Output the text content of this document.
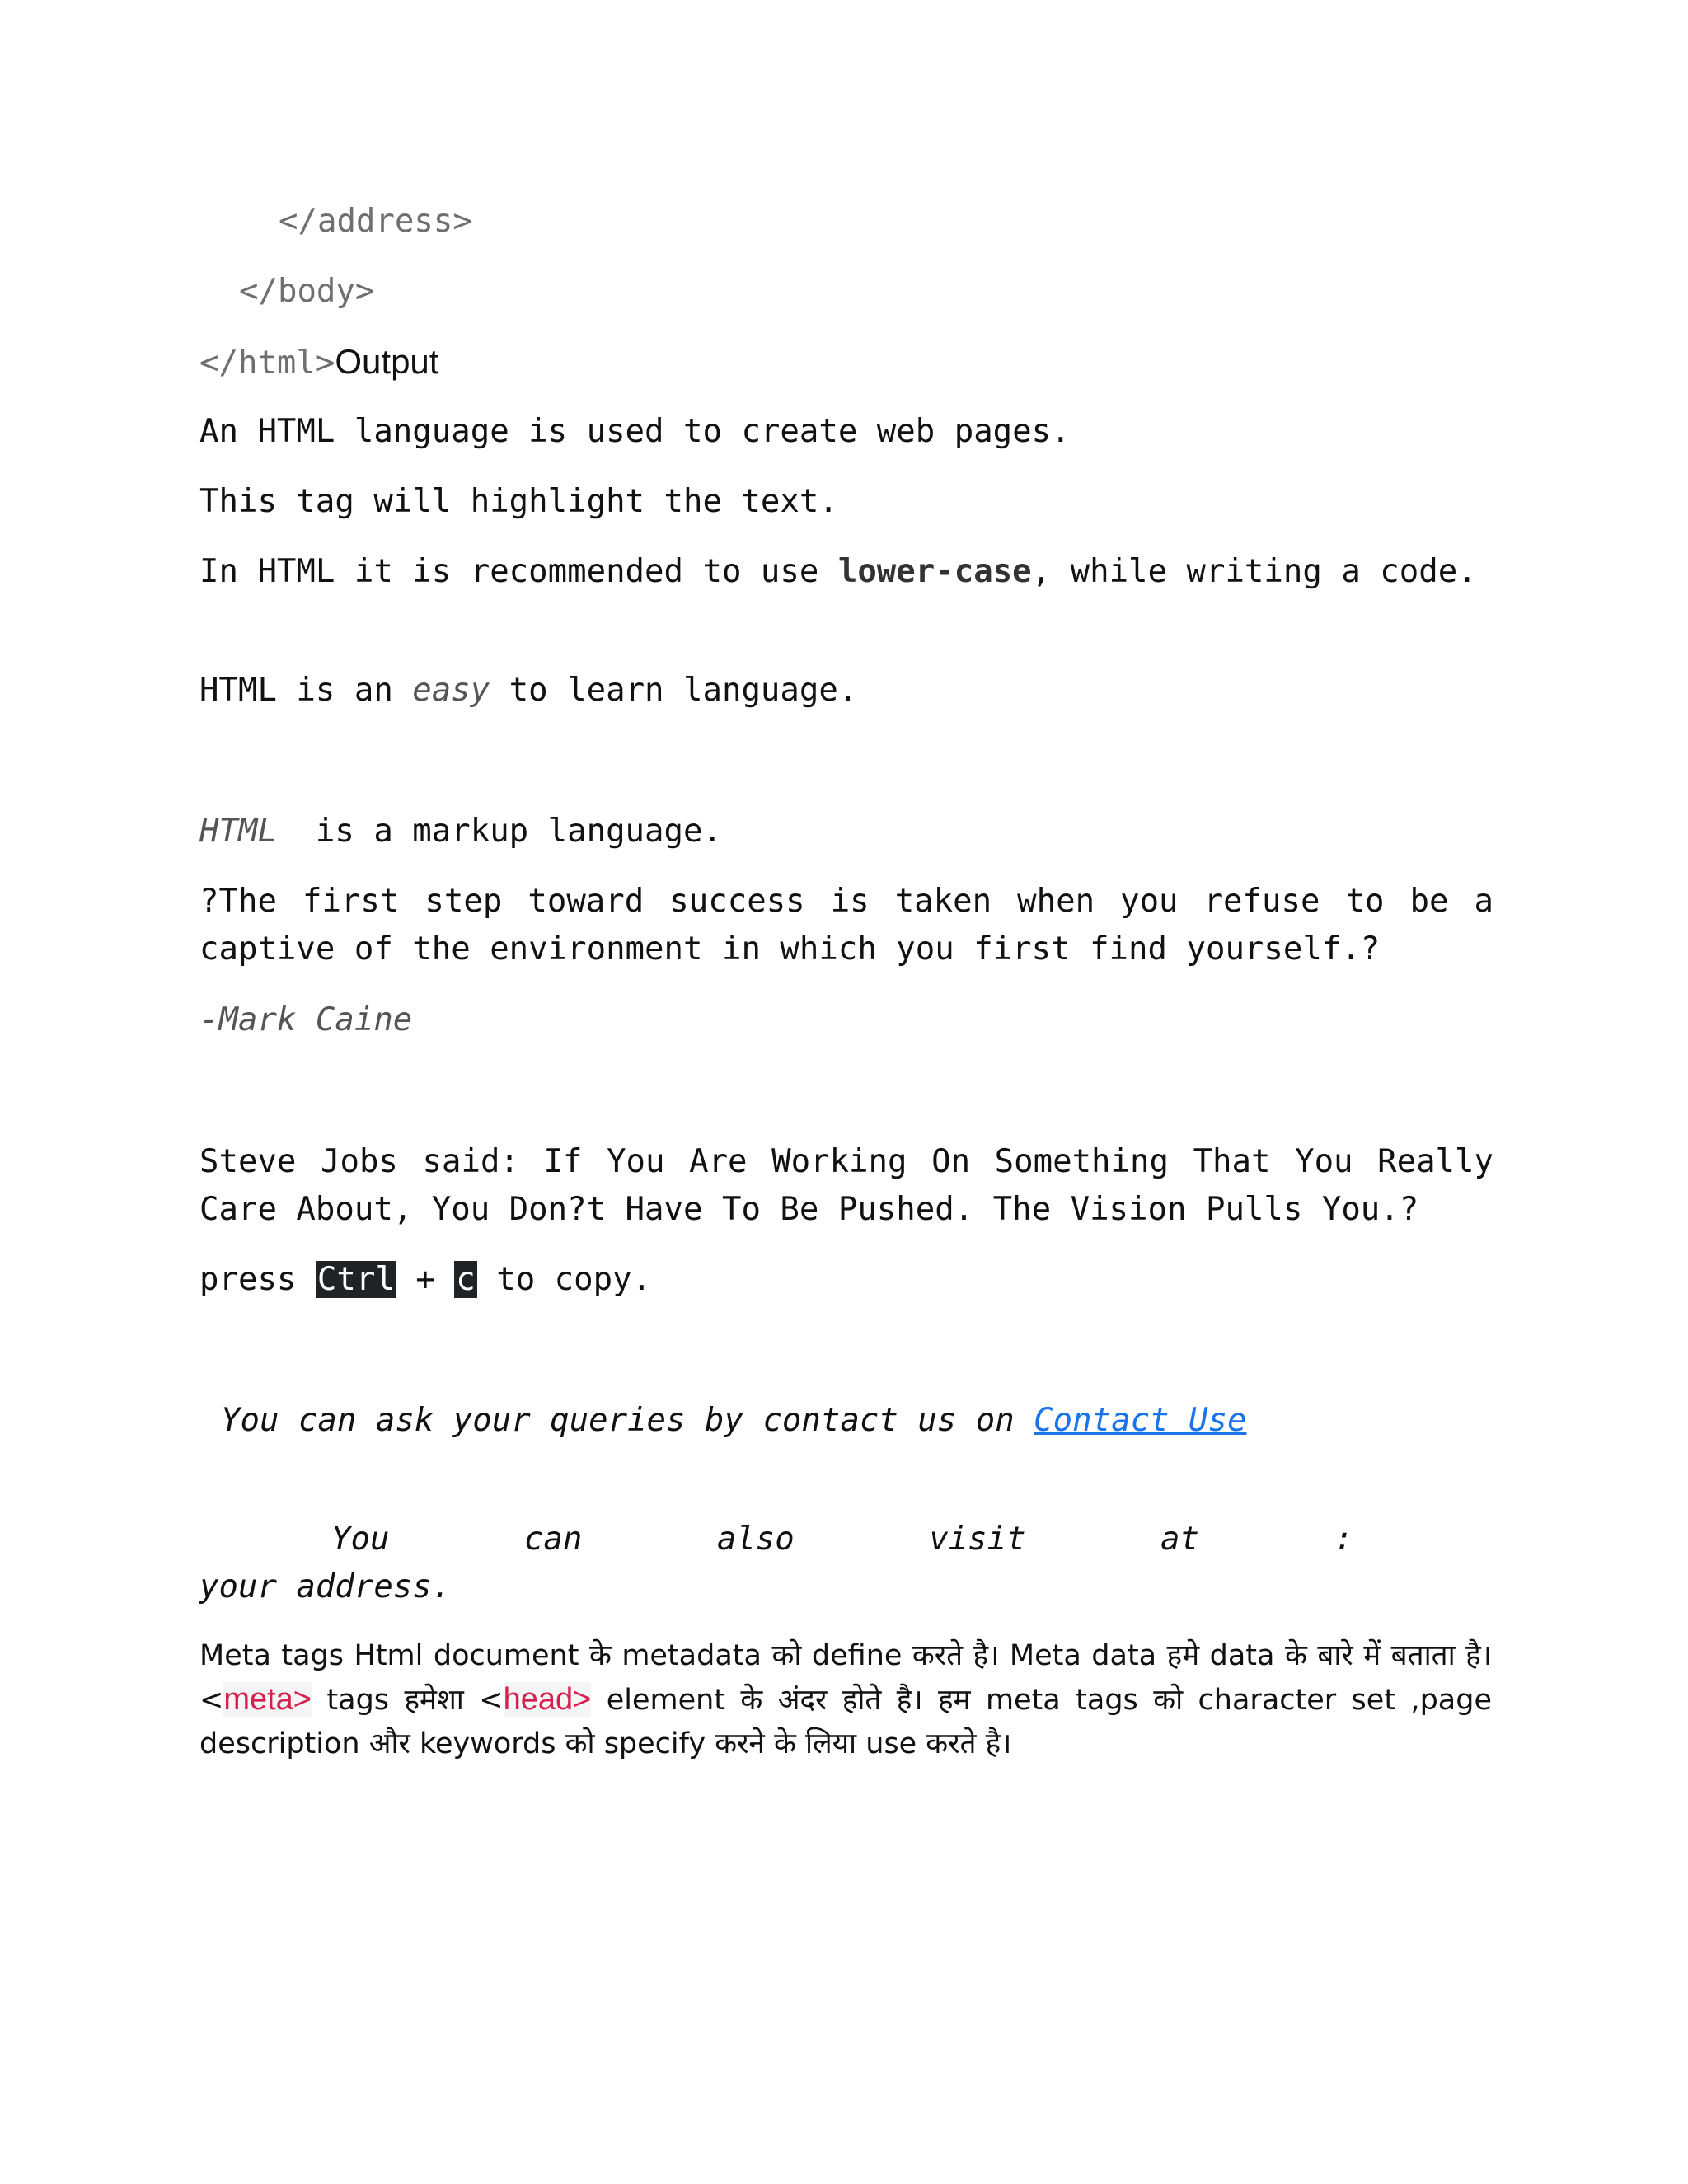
</address>
</body>
</html>Output

An HTML language is used to create web pages.

This tag will highlight the text.

In HTML it is recommended to use lower-case, while writing a code.

HTML is an easy to learn language.

HTML  is a markup language.

?The first step toward success is taken when you refuse to be a captive of the environment in which you first find yourself.?

-Mark Caine

Steve Jobs said: If You Are Working On Something That You Really Care About, You Don?t Have To Be Pushed. The Vision Pulls You.?

press Ctrl + c to copy.

You can ask your queries by contact us on Contact Use

You	can	also	visit	at	:

your address.

Meta tags Html document के metadata को define करते है। Meta data हमे data के बारे में बताता है। <meta> tags हमेशा <head> element के अंदर होते है। हम meta tags को character set ,page description और keywords को specify करने के लिया use करते है।
